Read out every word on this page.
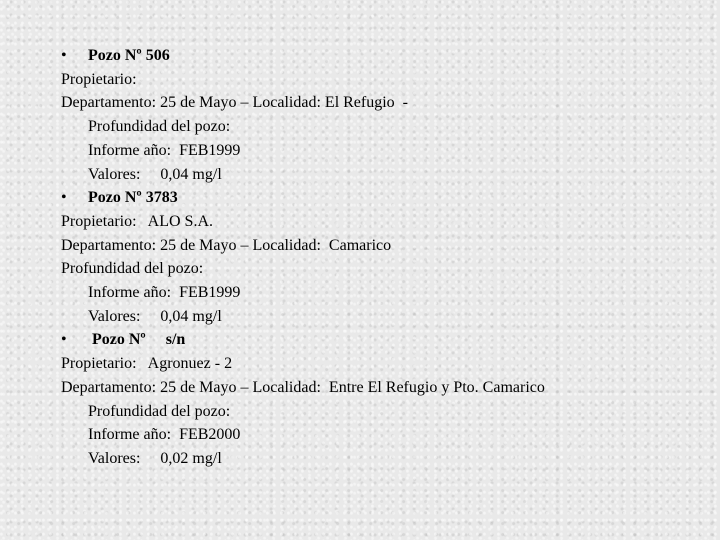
• Pozo Nº 506
Propietario:
Departamento: 25 de Mayo – Localidad: El Refugio  -
Profundidad del pozo:
Informe año:  FEB1999
Valores:     0,04 mg/l
• Pozo Nº 3783
Propietario:   ALO S.A.
Departamento: 25 de Mayo – Localidad:  Camarico
Profundidad del pozo:
Informe año:  FEB1999
Valores:     0,04 mg/l
• Pozo Nº     s/n
Propietario:   Agronuez - 2
Departamento: 25 de Mayo – Localidad:  Entre El Refugio y Pto. Camarico
Profundidad del pozo:
Informe año:  FEB2000
Valores:     0,02 mg/l
